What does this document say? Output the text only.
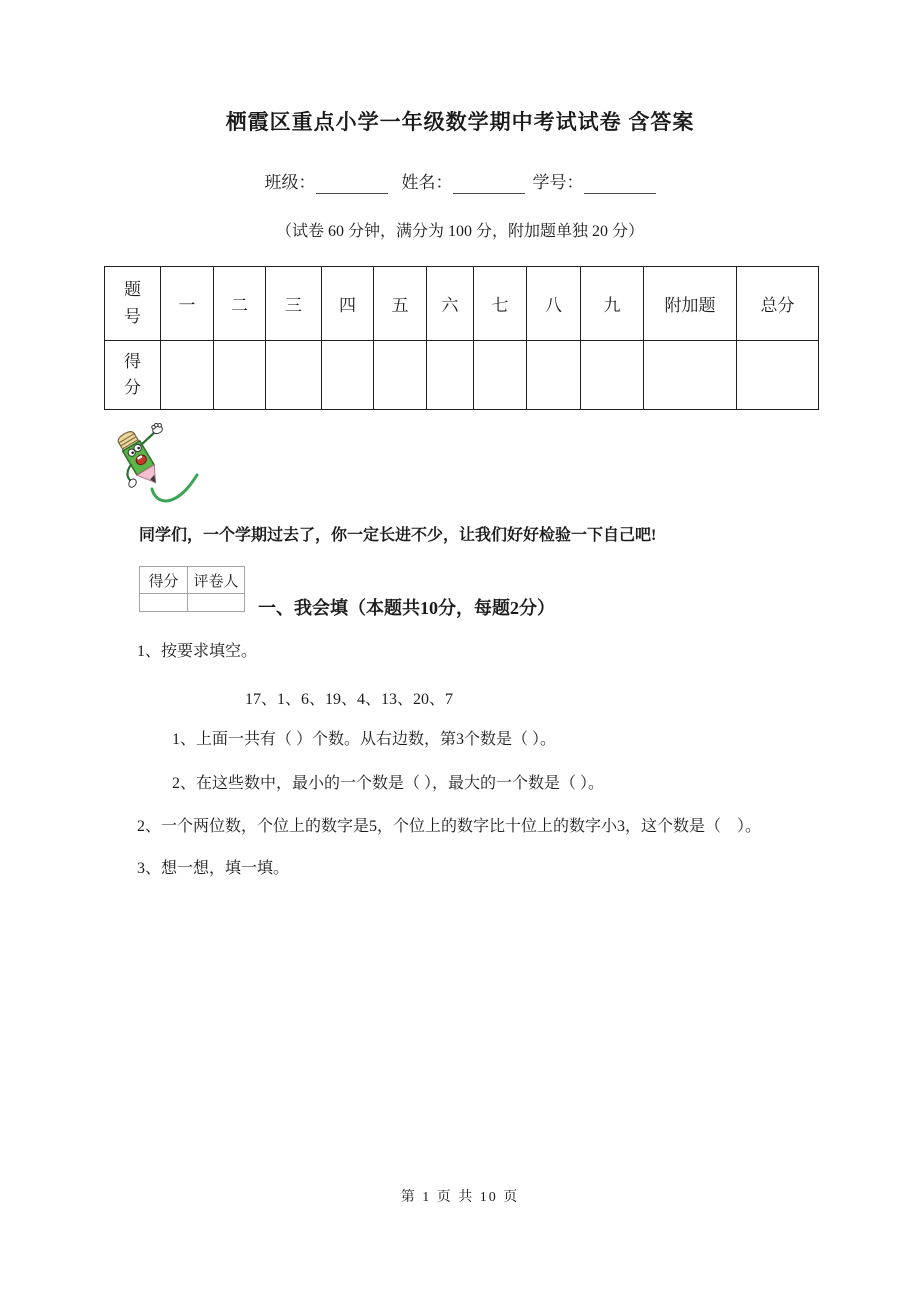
栖霞区重点小学一年级数学期中考试试卷 含答案
班级：	姓名：	学号：
（试卷 60 分钟，满分为 100 分，附加题单独 20 分）
题号	一	二	三	四	五	六	七	八	九	附加题	总分

得分											

同学们，一个学期过去了，你一定长进不少，让我们好好检验一下自己吧!
得分	评卷人

一、我会填（本题共10分，每题2分）
1、按要求填空。
17、1、6、19、4、13、20、7
1、上面一共有（ ）个数。从右边数，第3个数是（ ）。
2、在这些数中，最小的一个数是（ ），最大的一个数是（ ）。
2、一个两位数，个位上的数字是5，个位上的数字比十位上的数字小3，这个数是（　）。
3、想一想，填一填。
第 1 页 共 10 页
